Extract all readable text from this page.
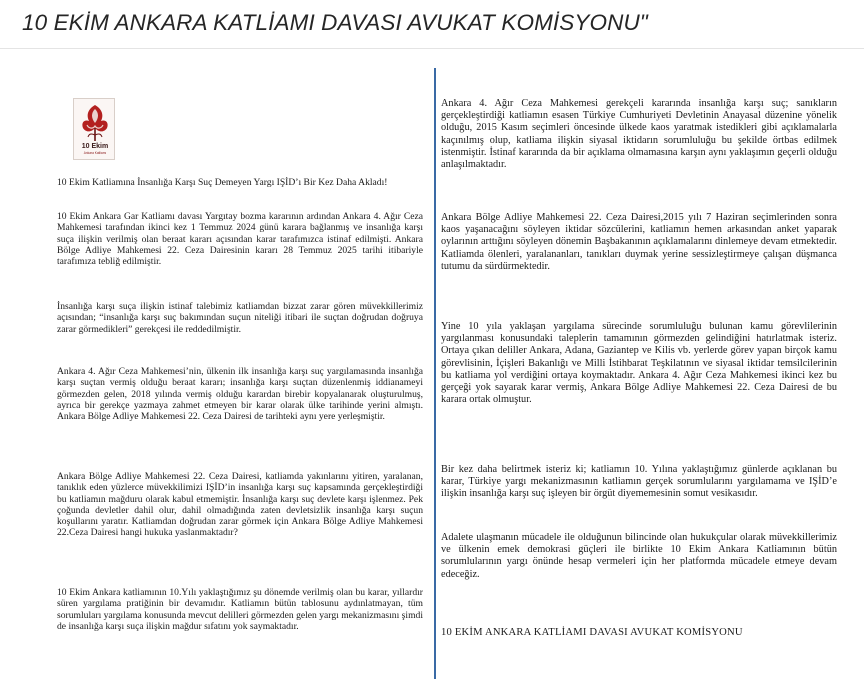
10 EKİM ANKARA KATLİAMI DAVASI AVUKAT KOMİSYONU"
10 Ekim
Ankara Katliamı

10 Ekim Katliamına İnsanlığa Karşı Suç Demeyen Yargı IŞİD’ı Bir Kez Daha Akladı!

10 Ekim Ankara Gar Katliamı davası Yargıtay bozma kararının ardından Ankara 4. Ağır Ceza Mahkemesi tarafından ikinci kez 1 Temmuz 2024 günü karara bağlanmış ve insanlığa karşı suça ilişkin verilmiş olan beraat kararı açısından karar tarafımızca istinaf edilmişti. Ankara Bölge Adliye Mahkemesi 22. Ceza Dairesinin kararı 28 Temmuz 2025 tarihi itibariyle tarafımıza tebliğ edilmiştir.

İnsanlığa karşı suça ilişkin istinaf talebimiz katliamdan bizzat zarar gören müvekkillerimiz açısından; “insanlığa karşı suç bakımından suçun niteliği itibari ile suçtan doğrudan doğruya zarar görmedikleri” gerekçesi ile reddedilmiştir.

Ankara 4. Ağır Ceza Mahkemesi’nin, ülkenin ilk insanlığa karşı suç yargılamasında insanlığa karşı suçtan vermiş olduğu beraat kararı; insanlığa karşı suçtan düzenlenmiş iddianameyi görmezden gelen, 2018 yılında vermiş olduğu karardan birebir kopyalanarak oluşturulmuş, ayrıca bir gerekçe yazmaya zahmet etmeyen bir karar olarak ülke tarihinde yerini almıştı. Ankara Bölge Adliye Mahkemesi 22. Ceza Dairesi de tarihteki aynı yere yerleşmiştir.

Ankara Bölge Adliye Mahkemesi 22. Ceza Dairesi, katliamda yakınlarını yitiren, yaralanan, tanıklık eden yüzlerce müvekkilimizi IŞİD’in insanlığa karşı suç kapsamında gerçekleştirdiği bu katliamın mağduru olarak kabul etmemiştir. İnsanlığa karşı suç devlete karşı işlenmez. Pek çoğunda devletler dahil olur, dahil olmadığında zaten devletsizlik insanlığa karşı suçun koşullarını yaratır. Katliamdan doğrudan zarar görmek için Ankara Bölge Adliye Mahkemesi 22.Ceza Dairesi hangi hukuka yaslanmaktadır?

10 Ekim Ankara katliamının 10.Yılı yaklaştığımız şu dönemde verilmiş olan bu karar, yıllardır süren yargılama pratiğinin bir devamıdır. Katliamın bütün tablosunu aydınlatmayan, tüm sorumluları yargılama konusunda mevcut delilleri görmezden gelen yargı mekanizmasını şimdi de insanlığa karşı suça ilişkin mağdur sıfatını yok saymaktadır.

Ankara 4. Ağır Ceza Mahkemesi gerekçeli kararında insanlığa karşı suç; sanıkların gerçekleştirdiği katliamın esasen Türkiye Cumhuriyeti Devletinin Anayasal düzenine yönelik olduğu, 2015 Kasım seçimleri öncesinde ülkede kaos yaratmak istedikleri gibi açıklamalarla kaçınılmış olup, katliama ilişkin siyasal iktidarın sorumluluğu bu şekilde örtbas edilmek istenmiştir. İstinaf kararında da bir açıklama olmamasına karşın aynı yaklaşımın geçerli olduğu anlaşılmaktadır.

Ankara Bölge Adliye Mahkemesi 22. Ceza Dairesi,2015 yılı 7 Haziran seçimlerinden sonra kaos yaşanacağını söyleyen iktidar sözcülerini, katliamın hemen arkasından anket yaparak oylarının arttığını söyleyen dönemin Başbakanının açıklamalarını dinlemeye devam etmektedir. Katliamda ölenleri, yaralananları, tanıkları duymak yerine sessizleştirmeye çalışan düşmanca tutumu da sürdürmektedir.

Yine 10 yıla yaklaşan yargılama sürecinde sorumluluğu bulunan kamu görevlilerinin yargılanması konusundaki taleplerin tamamının görmezden gelindiğini hatırlatmak isteriz. Ortaya çıkan deliller Ankara, Adana, Gaziantep ve Kilis vb. yerlerde görev yapan birçok kamu görevlisinin, İçişleri Bakanlığı ve Milli İstihbarat Teşkilatının ve siyasal iktidar temsilcilerinin bu katliama yol verdiğini ortaya koymaktadır. Ankara 4. Ağır Ceza Mahkemesi ikinci kez bu gerçeği yok sayarak karar vermiş, Ankara Bölge Adliye Mahkemesi 22. Ceza Dairesi de bu karara ortak olmuştur.

Bir kez daha belirtmek isteriz ki; katliamın 10. Yılına yaklaştığımız günlerde açıklanan bu karar, Türkiye yargı mekanizmasının katliamın gerçek sorumlularını yargılamama ve IŞİD’e ilişkin insanlığa karşı suç işleyen bir örgüt diyememesinin somut vesikasıdır.

Adalete ulaşmanın mücadele ile olduğunun bilincinde olan hukukçular olarak müvekkillerimiz ve ülkenin emek demokrasi güçleri ile birlikte 10 Ekim Ankara Katliamının bütün sorumlularının yargı önünde hesap vermeleri için her platformda mücadele etmeye devam edeceğiz.

10 EKİM ANKARA KATLİAMI DAVASI AVUKAT KOMİSYONU
